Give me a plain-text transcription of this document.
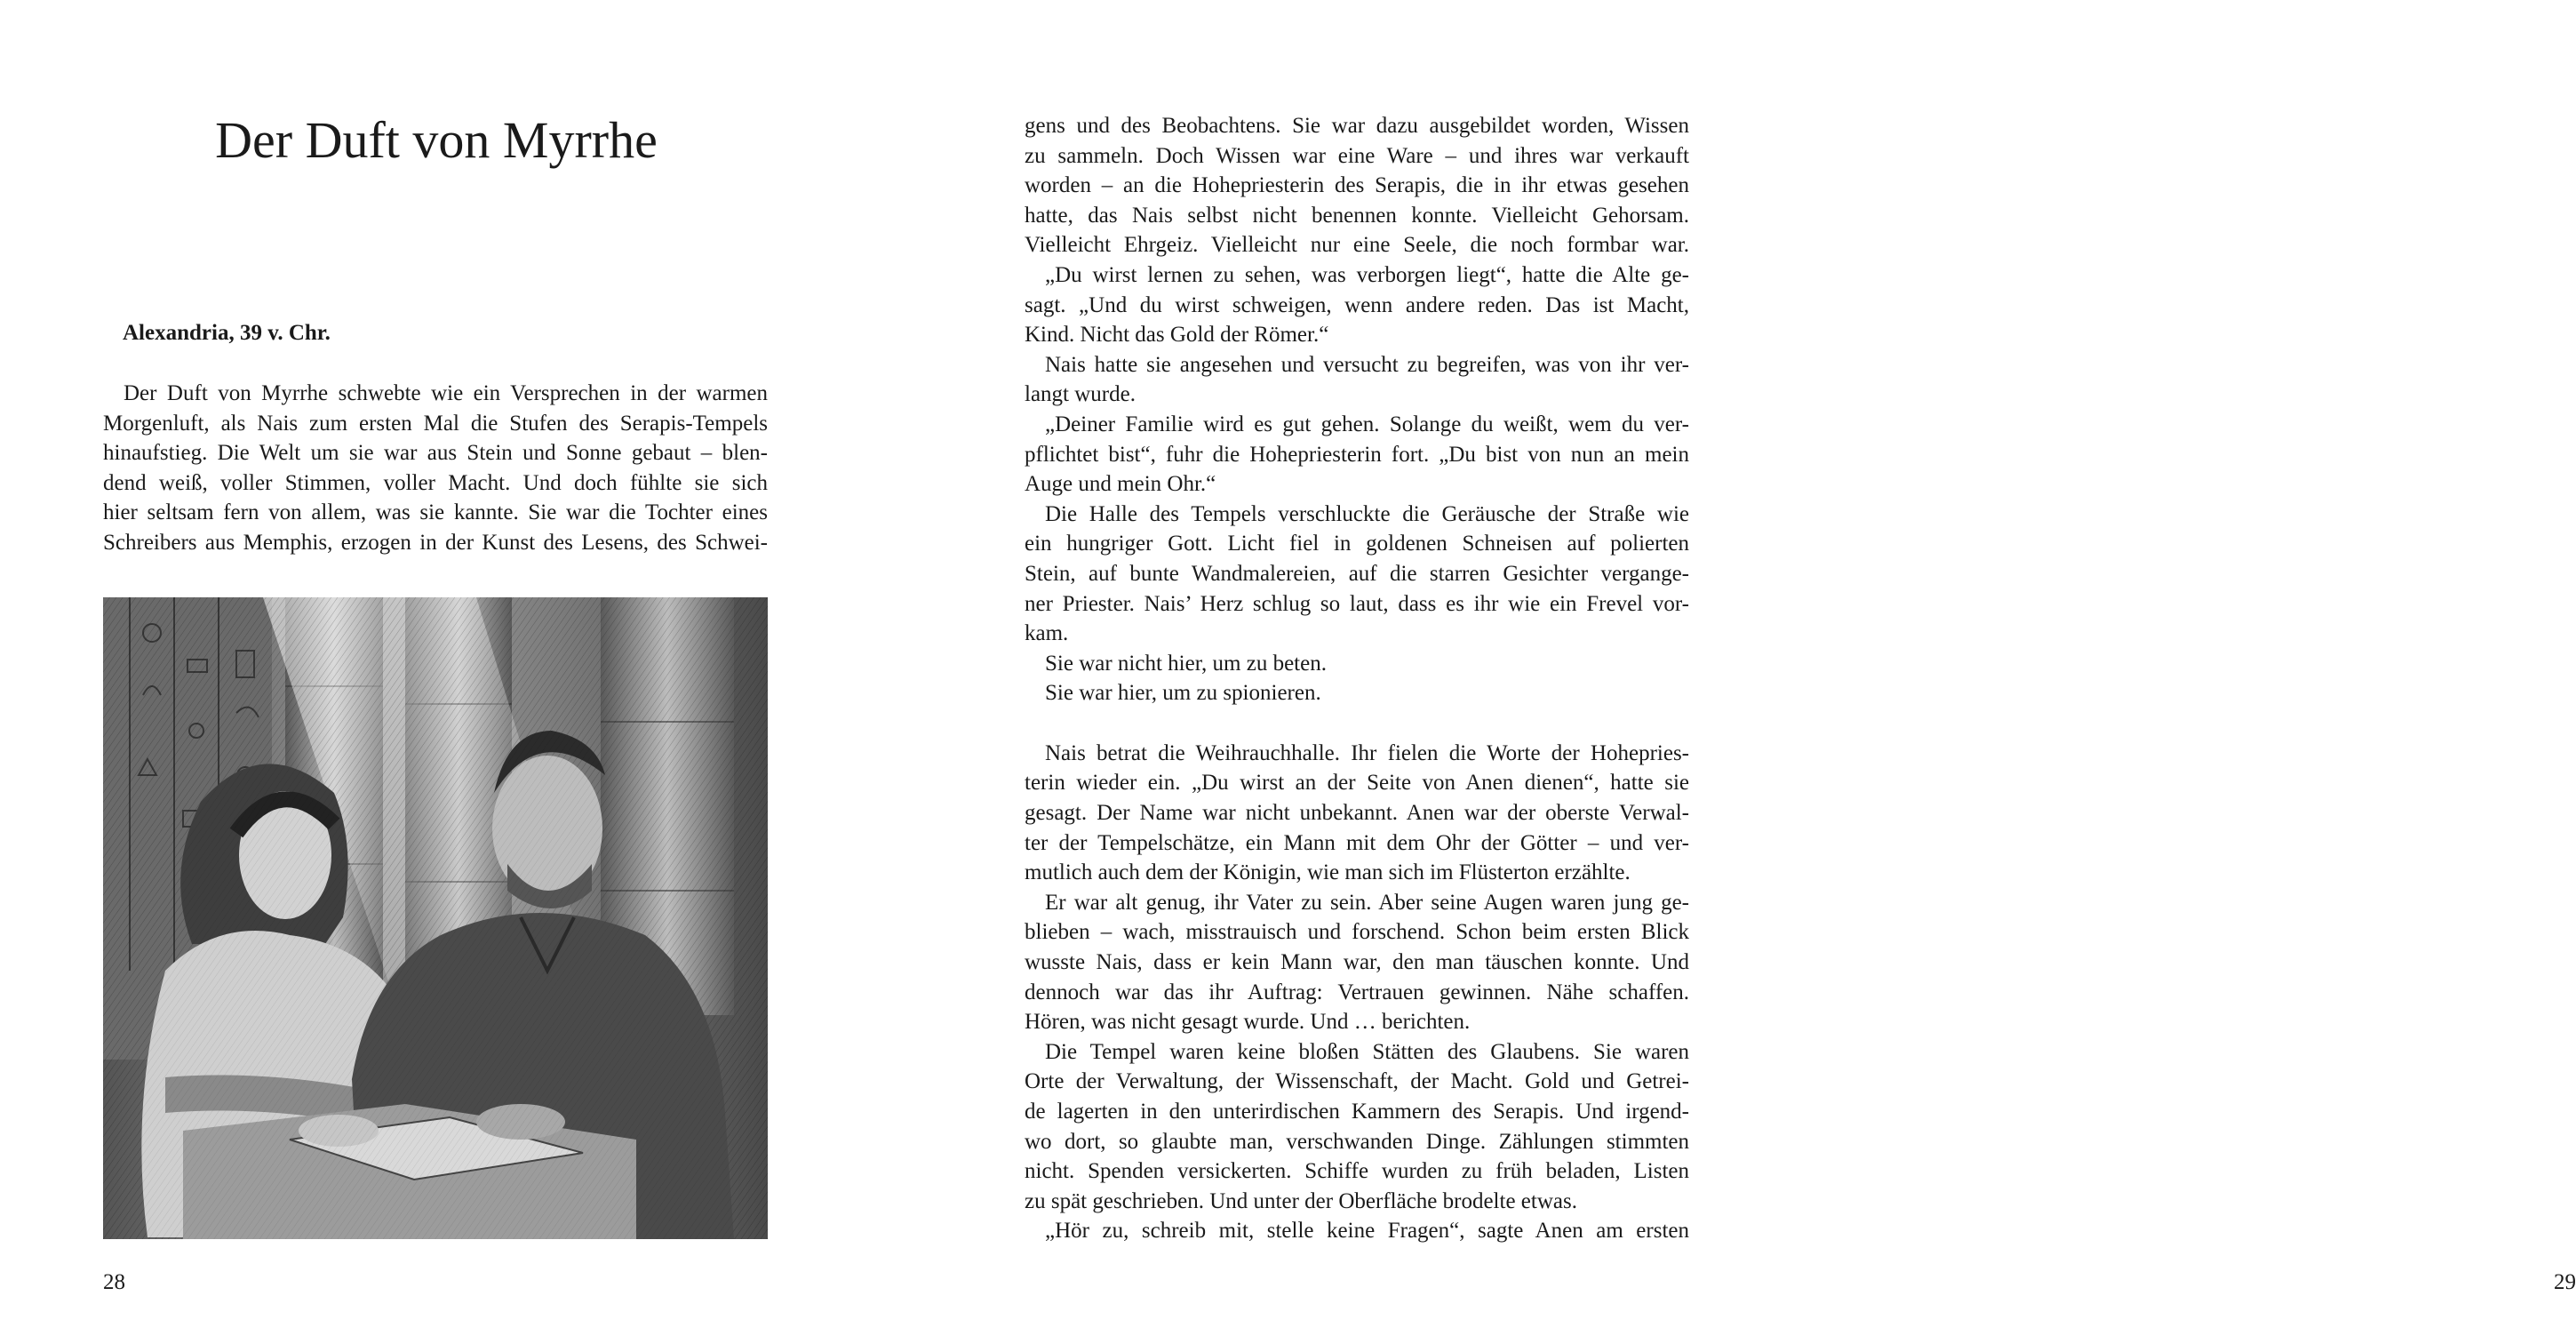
Der Duft von Myrrhe
Alexandria, 39 v. Chr.
Der Duft von Myrrhe schwebte wie ein Versprechen in der warmen
Morgenluft, als Nais zum ersten Mal die Stufen des Serapis-Tempels
hinaufstieg. Die Welt um sie war aus Stein und Sonne gebaut – blen-
dend weiß, voller Stimmen, voller Macht. Und doch fühlte sie sich
hier seltsam fern von allem, was sie kannte. Sie war die Tochter eines
Schreibers aus Memphis, erzogen in der Kunst des Lesens, des Schwei-

28

gens und des Beobachtens. Sie war dazu ausgebildet worden, Wissen
zu sammeln. Doch Wissen war eine Ware – und ihres war verkauft
worden – an die Hohepriesterin des Serapis, die in ihr etwas gesehen
hatte, das Nais selbst nicht benennen konnte. Vielleicht Gehorsam.
Vielleicht Ehrgeiz. Vielleicht nur eine Seele, die noch formbar war.
„Du wirst lernen zu sehen, was verborgen liegt“, hatte die Alte ge-
sagt. „Und du wirst schweigen, wenn andere reden. Das ist Macht,
Kind. Nicht das Gold der Römer.“
Nais hatte sie angesehen und versucht zu begreifen, was von ihr ver-
langt wurde.
„Deiner Familie wird es gut gehen. Solange du weißt, wem du ver-
pflichtet bist“, fuhr die Hohepriesterin fort. „Du bist von nun an mein
Auge und mein Ohr.“
Die Halle des Tempels verschluckte die Geräusche der Straße wie
ein hungriger Gott. Licht fiel in goldenen Schneisen auf polierten
Stein, auf bunte Wandmalereien, auf die starren Gesichter vergange-
ner Priester. Nais’ Herz schlug so laut, dass es ihr wie ein Frevel vor-
kam.
Sie war nicht hier, um zu beten.
Sie war hier, um zu spionieren.
Nais betrat die Weihrauchhalle. Ihr fielen die Worte der Hohepries-
terin wieder ein. „Du wirst an der Seite von Anen dienen“, hatte sie
gesagt. Der Name war nicht unbekannt. Anen war der oberste Verwal-
ter der Tempelschätze, ein Mann mit dem Ohr der Götter – und ver-
mutlich auch dem der Königin, wie man sich im Flüsterton erzählte.
Er war alt genug, ihr Vater zu sein. Aber seine Augen waren jung ge-
blieben – wach, misstrauisch und forschend. Schon beim ersten Blick
wusste Nais, dass er kein Mann war, den man täuschen konnte. Und
dennoch war das ihr Auftrag: Vertrauen gewinnen. Nähe schaffen.
Hören, was nicht gesagt wurde. Und … berichten.
Die Tempel waren keine bloßen Stätten des Glaubens. Sie waren
Orte der Verwaltung, der Wissenschaft, der Macht. Gold und Getrei-
de lagerten in den unterirdischen Kammern des Serapis. Und irgend-
wo dort, so glaubte man, verschwanden Dinge. Zählungen stimmten
nicht. Spenden versickerten. Schiffe wurden zu früh beladen, Listen
zu spät geschrieben. Und unter der Oberfläche brodelte etwas.
„Hör zu, schreib mit, stelle keine Fragen“, sagte Anen am ersten

29
